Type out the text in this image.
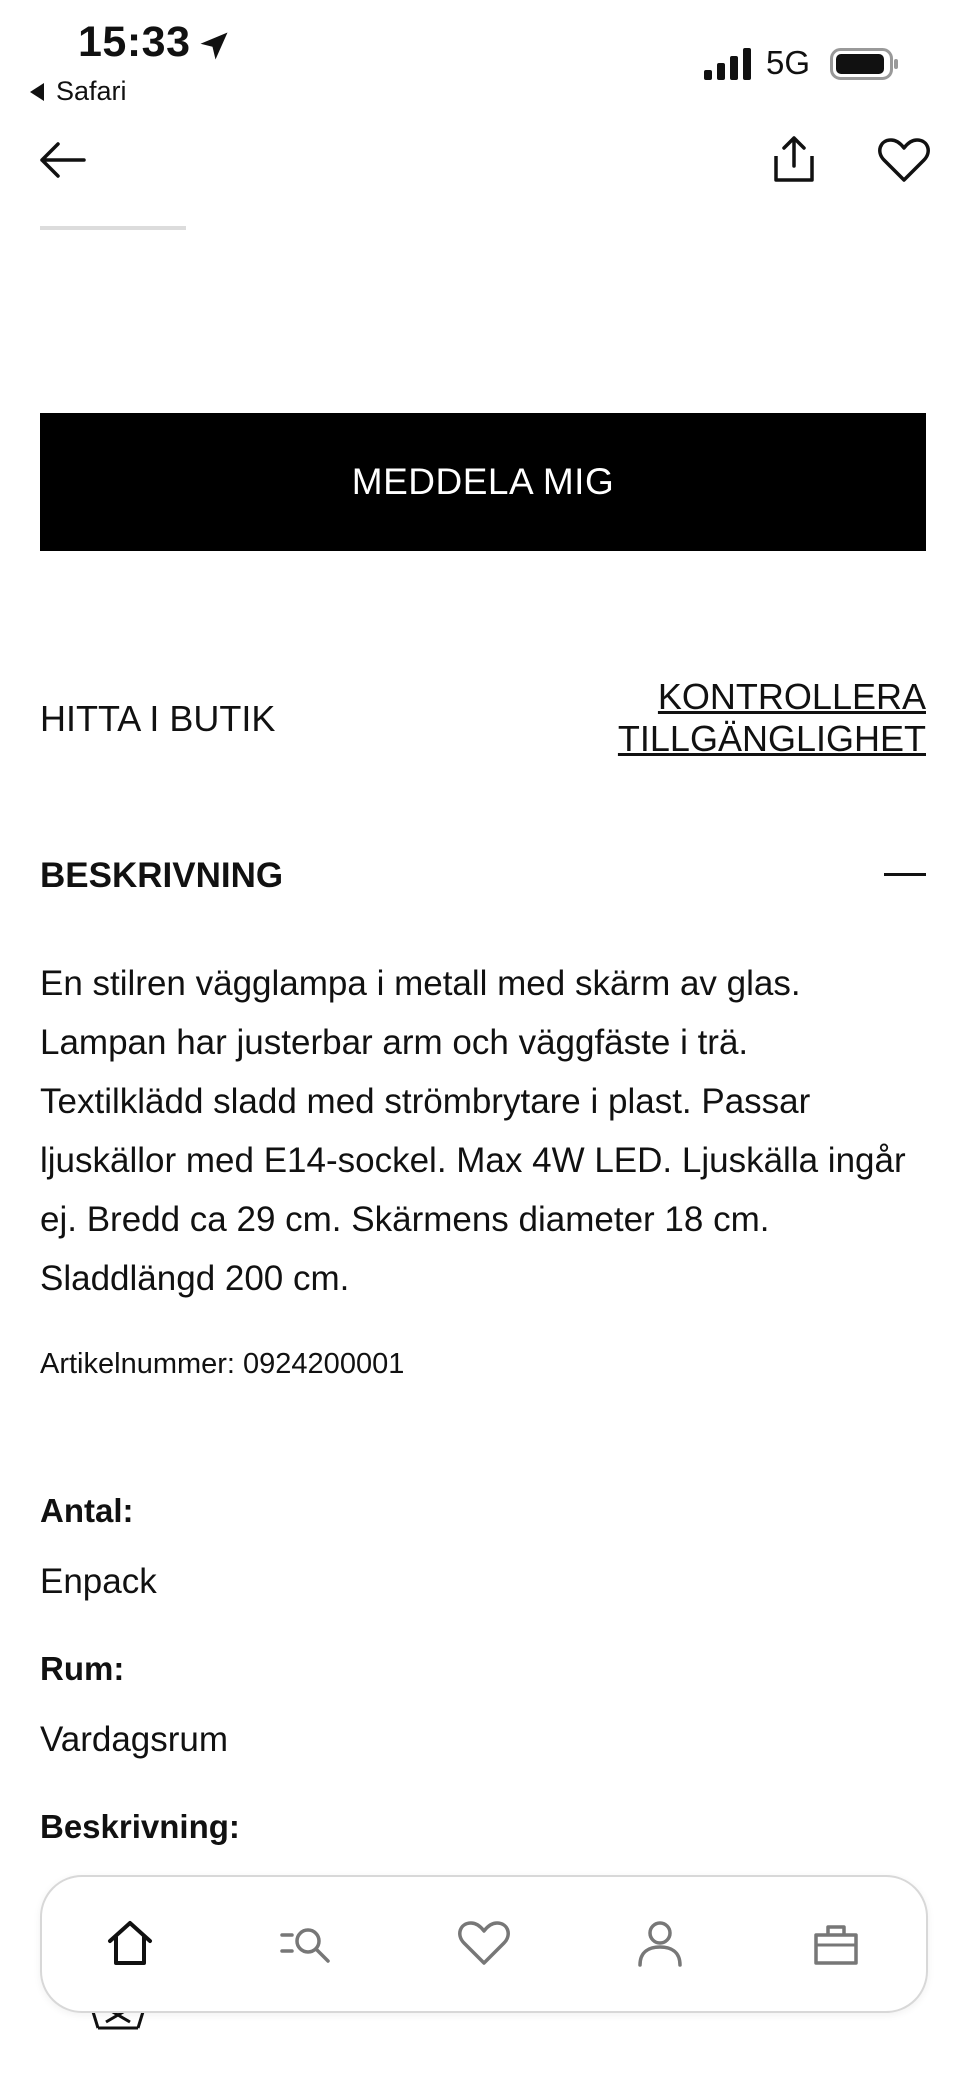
15:33
Safari
5G
MEDDELA MIG
HITTA I BUTIK
KONTROLLERA
TILLGÄNGLIGHET
BESKRIVNING
En stilren vägglampa i metall med skärm av glas. Lampan har justerbar arm och väggfäste i trä. Textilklädd sladd med strömbrytare i plast. Passar ljuskällor med E14-sockel. Max 4W LED. Ljuskälla ingår ej. Bredd ca 29 cm. Skärmens diameter 18 cm. Sladdlängd 200 cm.
Artikelnummer: 0924200001
Antal:
Enpack
Rum:
Vardagsrum
Beskrivning:
